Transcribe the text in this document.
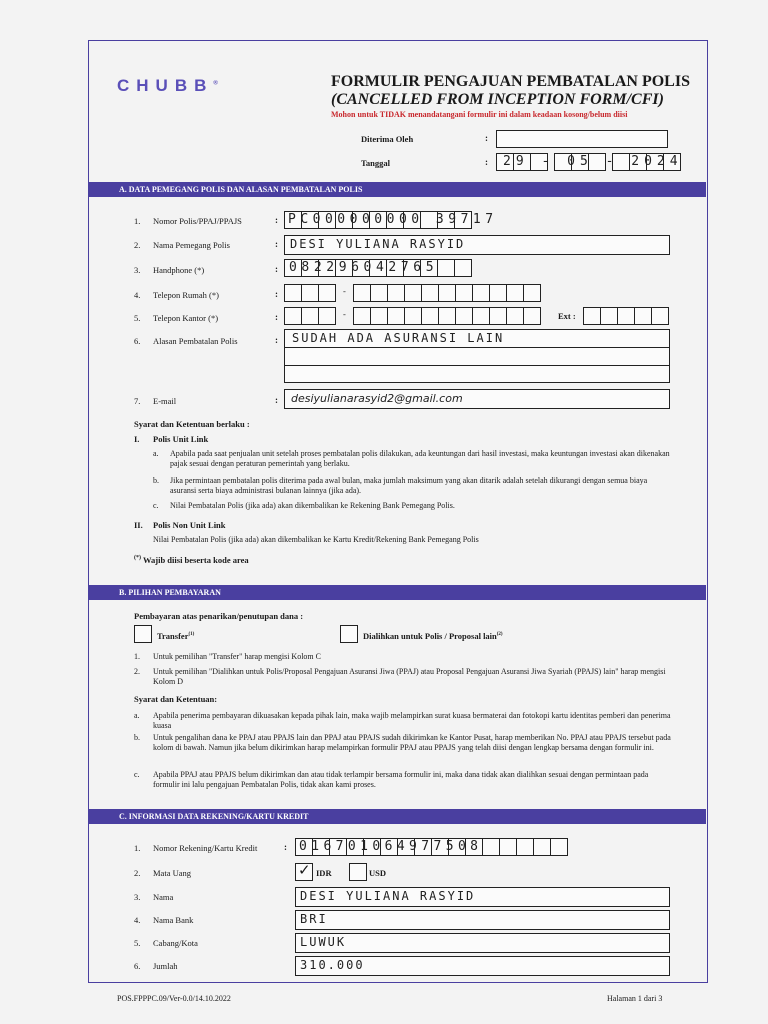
CHUBB®	FORMULIR PENGAJUAN PEMBATALAN POLIS
(CANCELLED FROM INCEPTION FORM/CFI)
Mohon untuk TIDAK menandatangani formulir ini dalam keadaan kosong/belum diisi
Diterima Oleh	:
Tanggal	: 29 - 05 - 2024
A. DATA PEMEGANG POLIS DAN ALASAN PEMBATALAN POLIS
1. Nomor Polis/PPAJ/PPAJS	: PC000000000 39717
2. Nama Pemegang Polis	: DESI YULIANA RASYID
3. Handphone (*)	: 082296042765
4. Telepon Rumah (*)	:	-
5. Telepon Kantor (*)	:	-	Ext :
6. Alasan Pembatalan Polis	: SUDAH ADA ASURANSI LAIN
7. E-mail	: desiyulianarasyid2@gmail.com
Syarat dan Ketentuan berlaku :
I. Polis Unit Link
a. Apabila pada saat penjualan unit setelah proses pembatalan polis dilakukan, ada keuntungan dari hasil investasi, maka keuntungan investasi akan dikenakan pajak sesuai dengan peraturan pemerintah yang berlaku.
b. Jika permintaan pembatalan polis diterima pada awal bulan, maka jumlah maksimum yang akan ditarik adalah setelah dikurangi dengan semua biaya asuransi serta biaya administrasi bulanan lainnya (jika ada).
c. Nilai Pembatalan Polis (jika ada) akan dikembalikan ke Rekening Bank Pemegang Polis.
II. Polis Non Unit Link
Nilai Pembatalan Polis (jika ada) akan dikembalikan ke Kartu Kredit/Rekening Bank Pemegang Polis
(*) Wajib diisi beserta kode area
B. PILIHAN PEMBAYARAN
Pembayaran atas penarikan/penutupan dana :
Transfer$^{(1)}$	Dialihkan untuk Polis / Proposal lain$^{(2)}$
1. Untuk pemilihan "Transfer" harap mengisi Kolom C
2. Untuk pemilihan "Dialihkan untuk Polis/Proposal Pengajuan Asuransi Jiwa (PPAJ) atau Proposal Pengajuan Asuransi Jiwa Syariah (PPAJS) lain" harap mengisi Kolom D
Syarat dan Ketentuan:
a. Apabila penerima pembayaran dikuasakan kepada pihak lain, maka wajib melampirkan surat kuasa bermaterai dan fotokopi kartu identitas pemberi dan penerima kuasa
b. Untuk pengalihan dana ke PPAJ atau PPAJS lain dan PPAJ atau PPAJS sudah dikirimkan ke Kantor Pusat, harap memberikan No. PPAJ atau PPAJS tersebut pada kolom di bawah. Namun jika belum dikirimkan harap melampirkan formulir PPAJ atau PPAJS yang telah diisi dengan lengkap bersama dengan formulir ini.
c. Apabila PPAJ atau PPAJS belum dikirimkan dan atau tidak terlampir bersama formulir ini, maka dana tidak akan dialihkan sesuai dengan permintaan pada formulir ini lalu pengajuan Pembatalan Polis, tidak akan kami proses.
C. INFORMASI DATA REKENING/KARTU KREDIT
1. Nomor Rekening/Kartu Kredit	: 016701064977508
2. Mata Uang	✓ IDR	USD
3. Nama	DESI YULIANA RASYID
4. Nama Bank	BRI
5. Cabang/Kota	LUWUK
6. Jumlah	310.000
POS.FPPPC.09/Ver-0.0/14.10.2022	Halaman 1 dari 3
